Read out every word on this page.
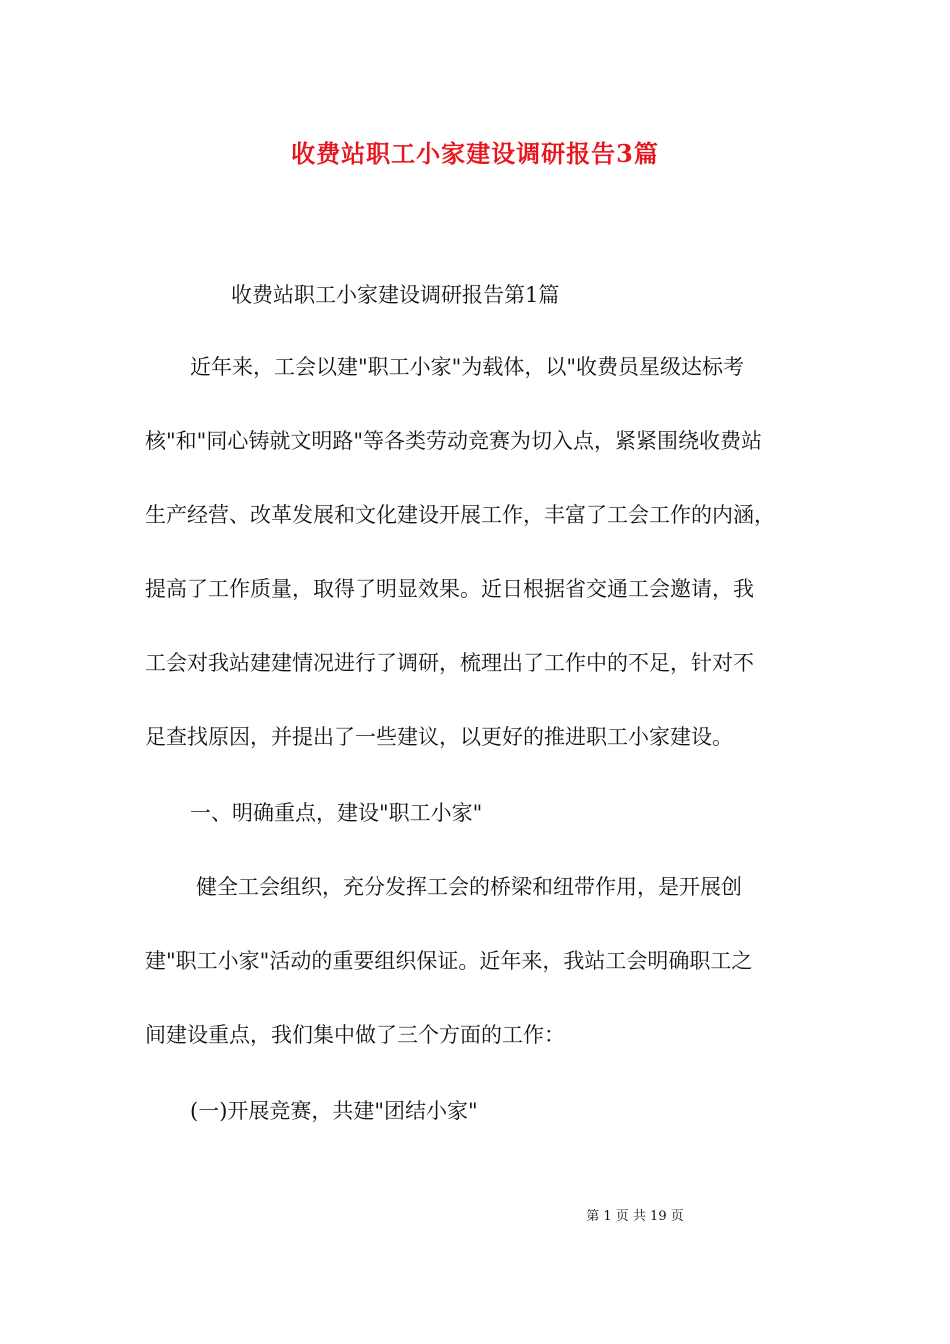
收费站职工小家建设调研报告3篇
收费站职工小家建设调研报告第1篇
近年来，工会以建"职工小家"为载体，以"收费员星级达标考
核"和"同心铸就文明路"等各类劳动竞赛为切入点，紧紧围绕收费站
生产经营、改革发展和文化建设开展工作，丰富了工会工作的内涵，
提高了工作质量，取得了明显效果。近日根据省交通工会邀请，我
工会对我站建建情况进行了调研，梳理出了工作中的不足，针对不
足查找原因，并提出了一些建议，以更好的推进职工小家建设。
一、明确重点，建设"职工小家"
健全工会组织，充分发挥工会的桥梁和纽带作用，是开展创
建"职工小家"活动的重要组织保证。近年来，我站工会明确职工之
间建设重点，我们集中做了三个方面的工作：
(一)开展竞赛，共建"团结小家"
第 1 页 共 19 页
